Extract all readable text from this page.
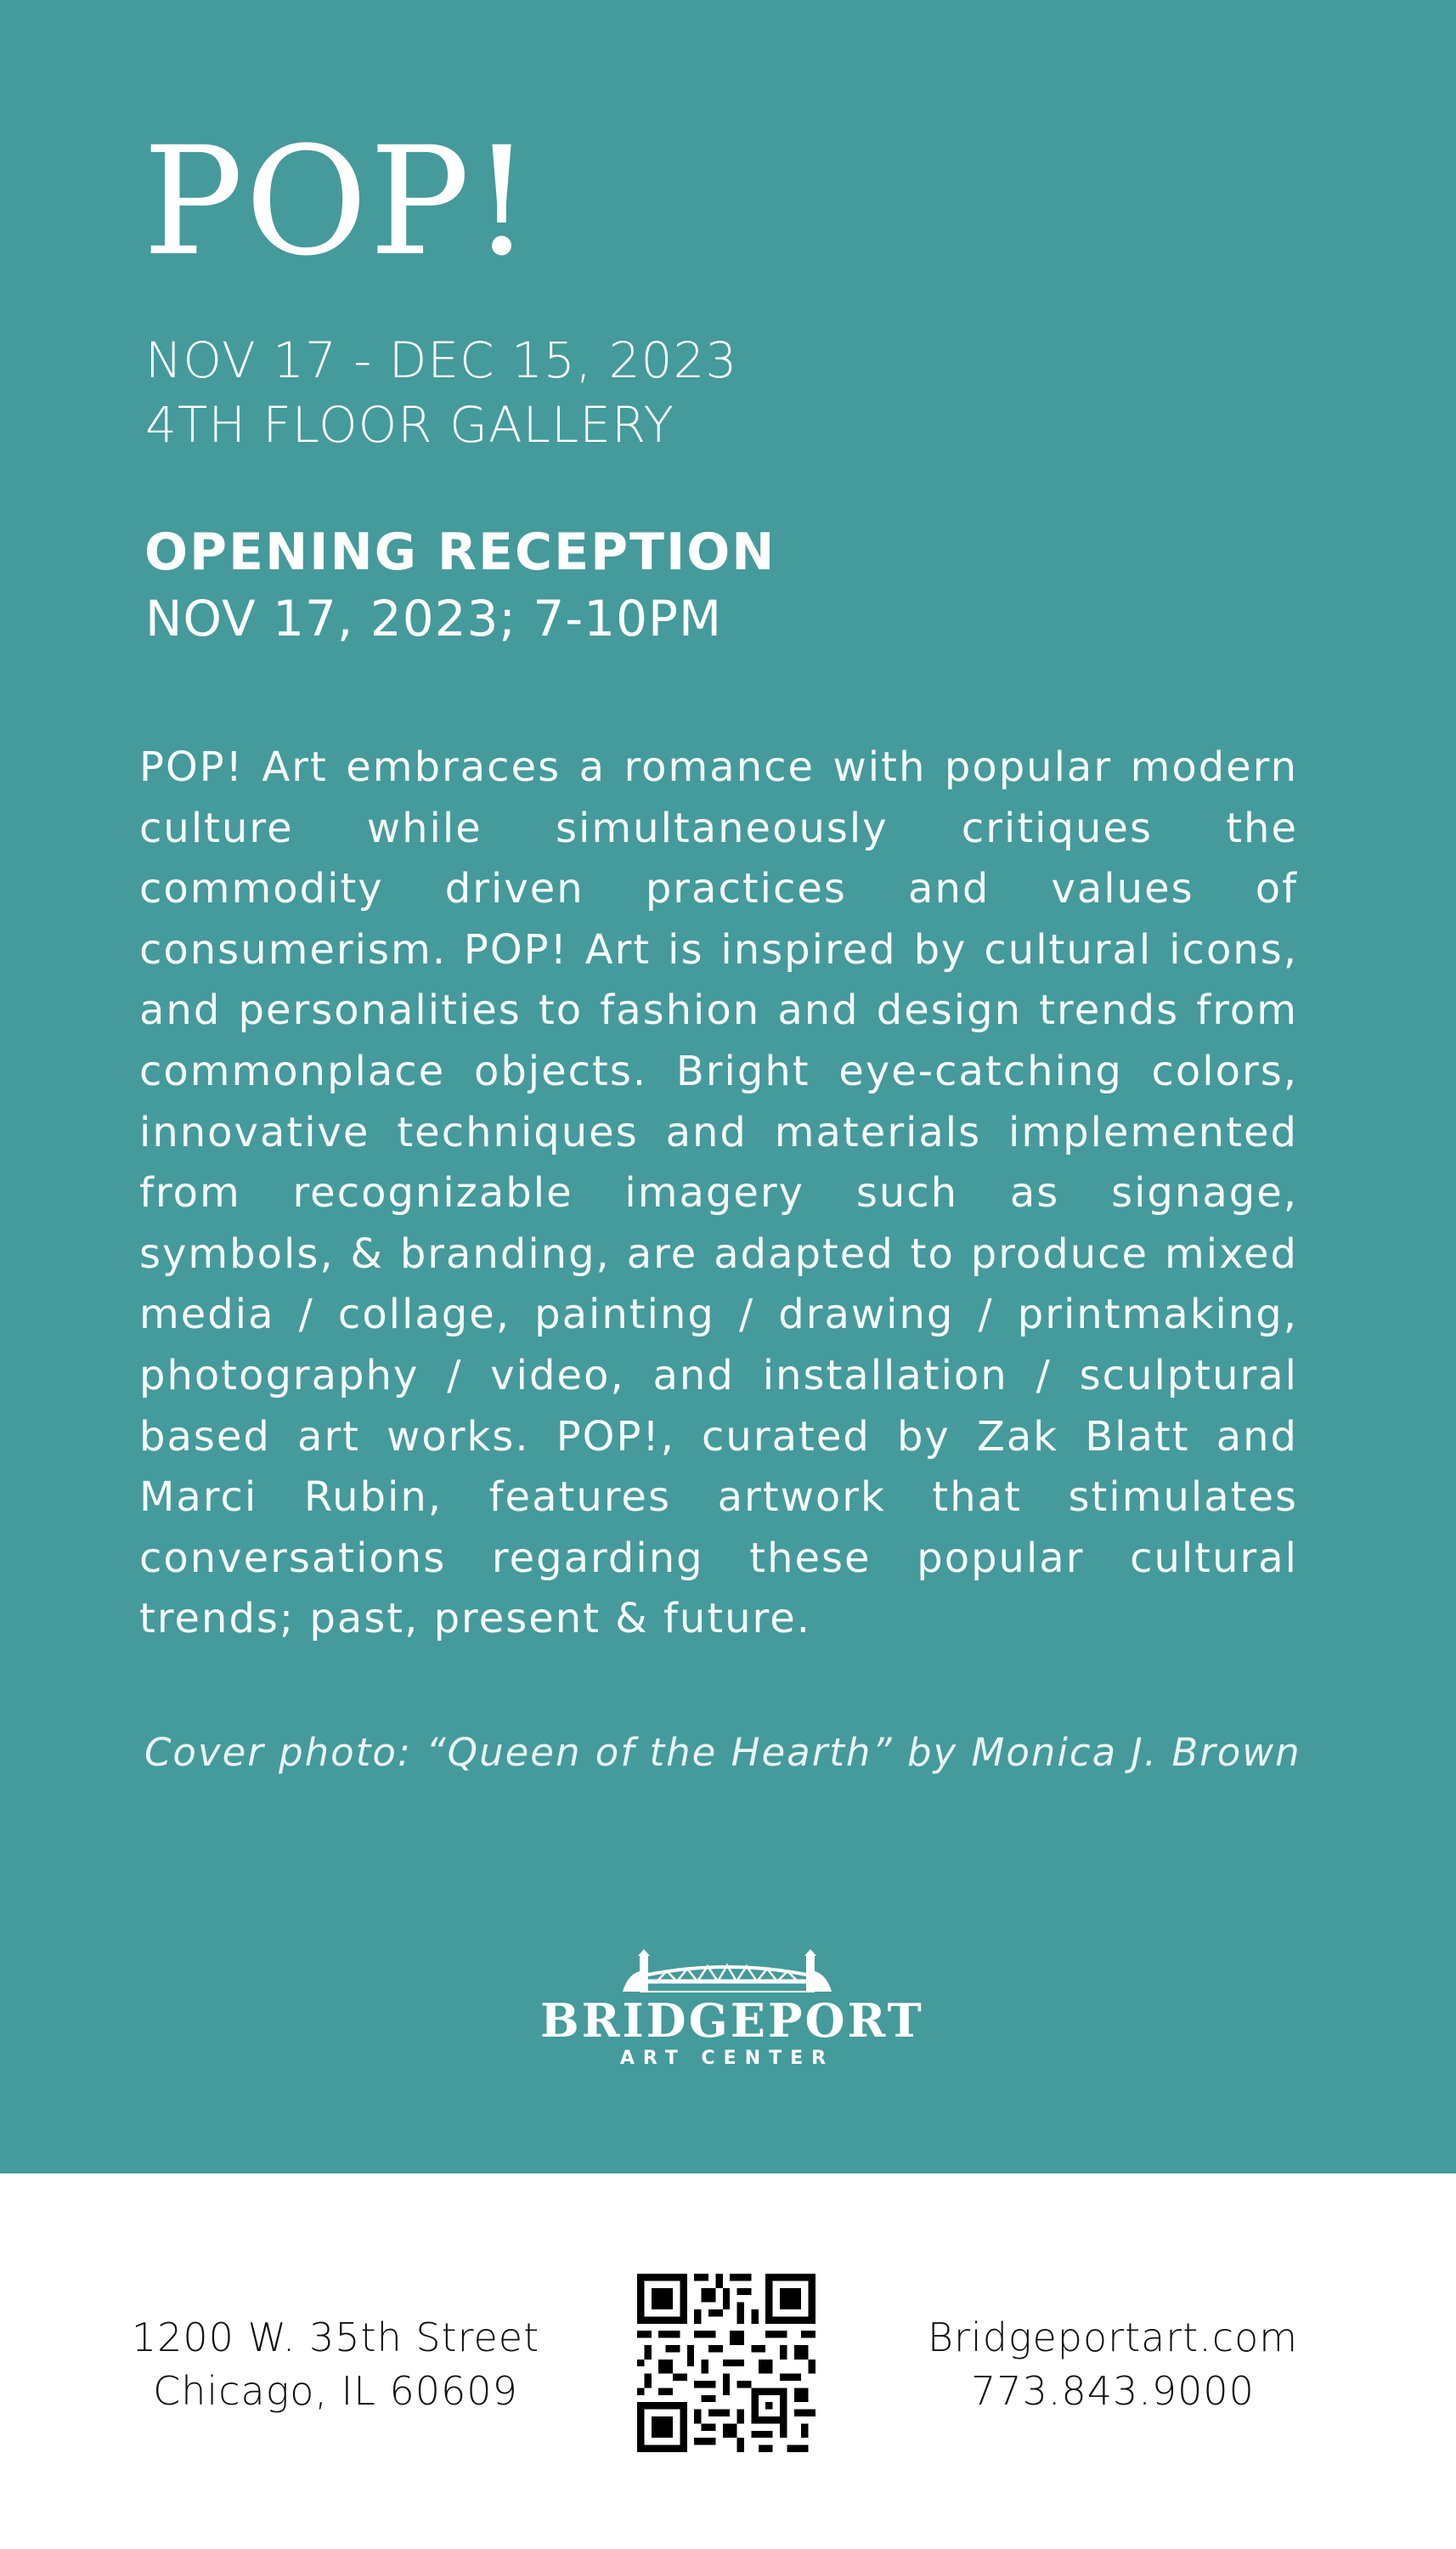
POP!
NOV 17 - DEC 15, 2023
4TH FLOOR GALLERY
OPENING RECEPTION
NOV 17, 2023; 7-10PM

POP! Art embraces a romance with popular modern culture while simultaneously critiques the commodity driven practices and values of consumerism. POP! Art is inspired by cultural icons, and personalities to fashion and design trends from commonplace objects. Bright eye-catching colors, innovative techniques and materials implemented from recognizable imagery such as signage, symbols, & branding, are adapted to produce mixed media / collage, painting / drawing / printmaking, photography / video, and installation / sculptural based art works. POP!, curated by Zak Blatt and Marci Rubin, features artwork that stimulates conversations regarding these popular cultural trends; past, present & future.

Cover photo: “Queen of the Hearth” by Monica J. Brown
BRIDGEPORT
ART CENTER
1200 W. 35th Street
Chicago, IL 60609
Bridgeportart.com
773.843.9000
